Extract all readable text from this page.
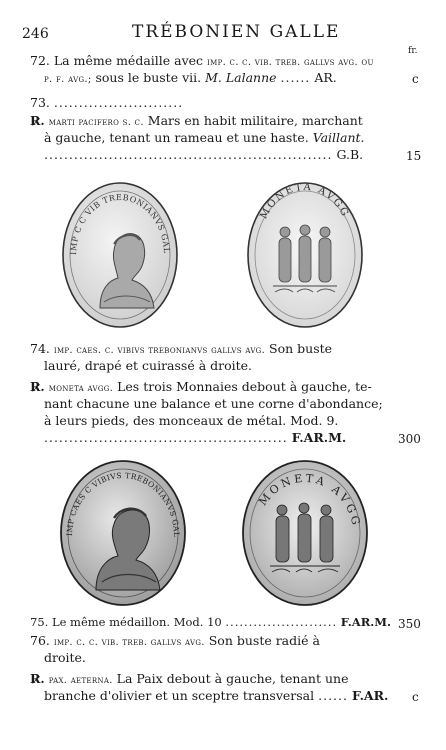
246	TRÉBONIEN GALLE
fr.
72. La même médaille avec imp. c. c. vib. treb. gallvs avg. ou
p. f. avg.; sous le buste vii. M. Lalanne ...... AR.	c
73. ..........................
R̷. marti pacifero s. c. Mars en habit militaire, marchant
à gauche, tenant un rameau et une haste. Vaillant.
.......................................................... G.B.	15
IMP C C VIB TREBONIANVS GAL
MONETA AVGG
74. imp. caes. c. vibivs trebonianvs gallvs avg. Son buste
lauré, drapé et cuirassé à droite.
R̷. moneta avgg. Les trois Monnaies debout à gauche, te-
nant chacune une balance et une corne d'abondance;
à leurs pieds, des monceaux de métal. Mod. 9.
................................................. F.AR.M.	300
IMP CAES C VIBIVS TREBONIANVS GAL
MONETA AVGG
75. Le même médaillon. Mod. 10 ........................ F.AR.M. 350
76. imp. c. c. vib. treb. gallvs avg. Son buste radié à
droite.
R̷. pax. aeterna. La Paix debout à gauche, tenant une
branche d'olivier et un sceptre transversal ...... F.AR. c
